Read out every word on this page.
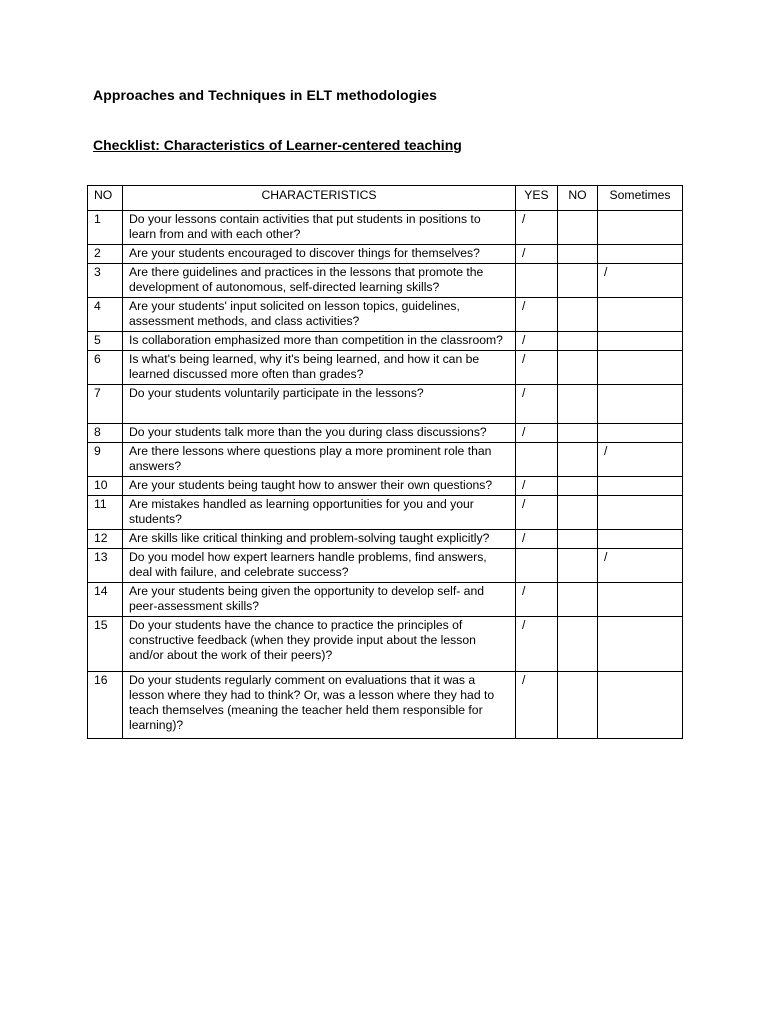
Approaches and Techniques in ELT methodologies
Checklist: Characteristics of Learner-centered teaching
NO	CHARACTERISTICS	YES	NO	Sometimes
1	Do your lessons contain activities that put students in positions to learn from and with each other?	/		
2	Are your students encouraged to discover things for themselves?	/		
3	Are there guidelines and practices in the lessons that promote the development of autonomous, self-directed learning skills?			/
4	Are your students' input solicited on lesson topics, guidelines, assessment methods, and class activities?	/		
5	Is collaboration emphasized more than competition in the classroom?	/		
6	Is what's being learned, why it's being learned, and how it can be learned discussed more often than grades?	/		
7	Do your students voluntarily participate in the lessons?	/		
8	Do your students talk more than the you during class discussions?	/		
9	Are there lessons where questions play a more prominent role than answers?			/
10	Are your students being taught how to answer their own questions?	/		
11	Are mistakes handled as learning opportunities for you and your students?	/		
12	Are skills like critical thinking and problem-solving taught explicitly?	/		
13	Do you model how expert learners handle problems, find answers, deal with failure, and celebrate success?			/
14	Are your students being given the opportunity to develop self- and peer-assessment skills?	/		
15	Do your students have the chance to practice the principles of constructive feedback (when they provide input about the lesson and/or about the work of their peers)?	/		
16	Do your students regularly comment on evaluations that it was a lesson where they had to think? Or, was a lesson where they had to teach themselves (meaning the teacher held them responsible for learning)?	/		
